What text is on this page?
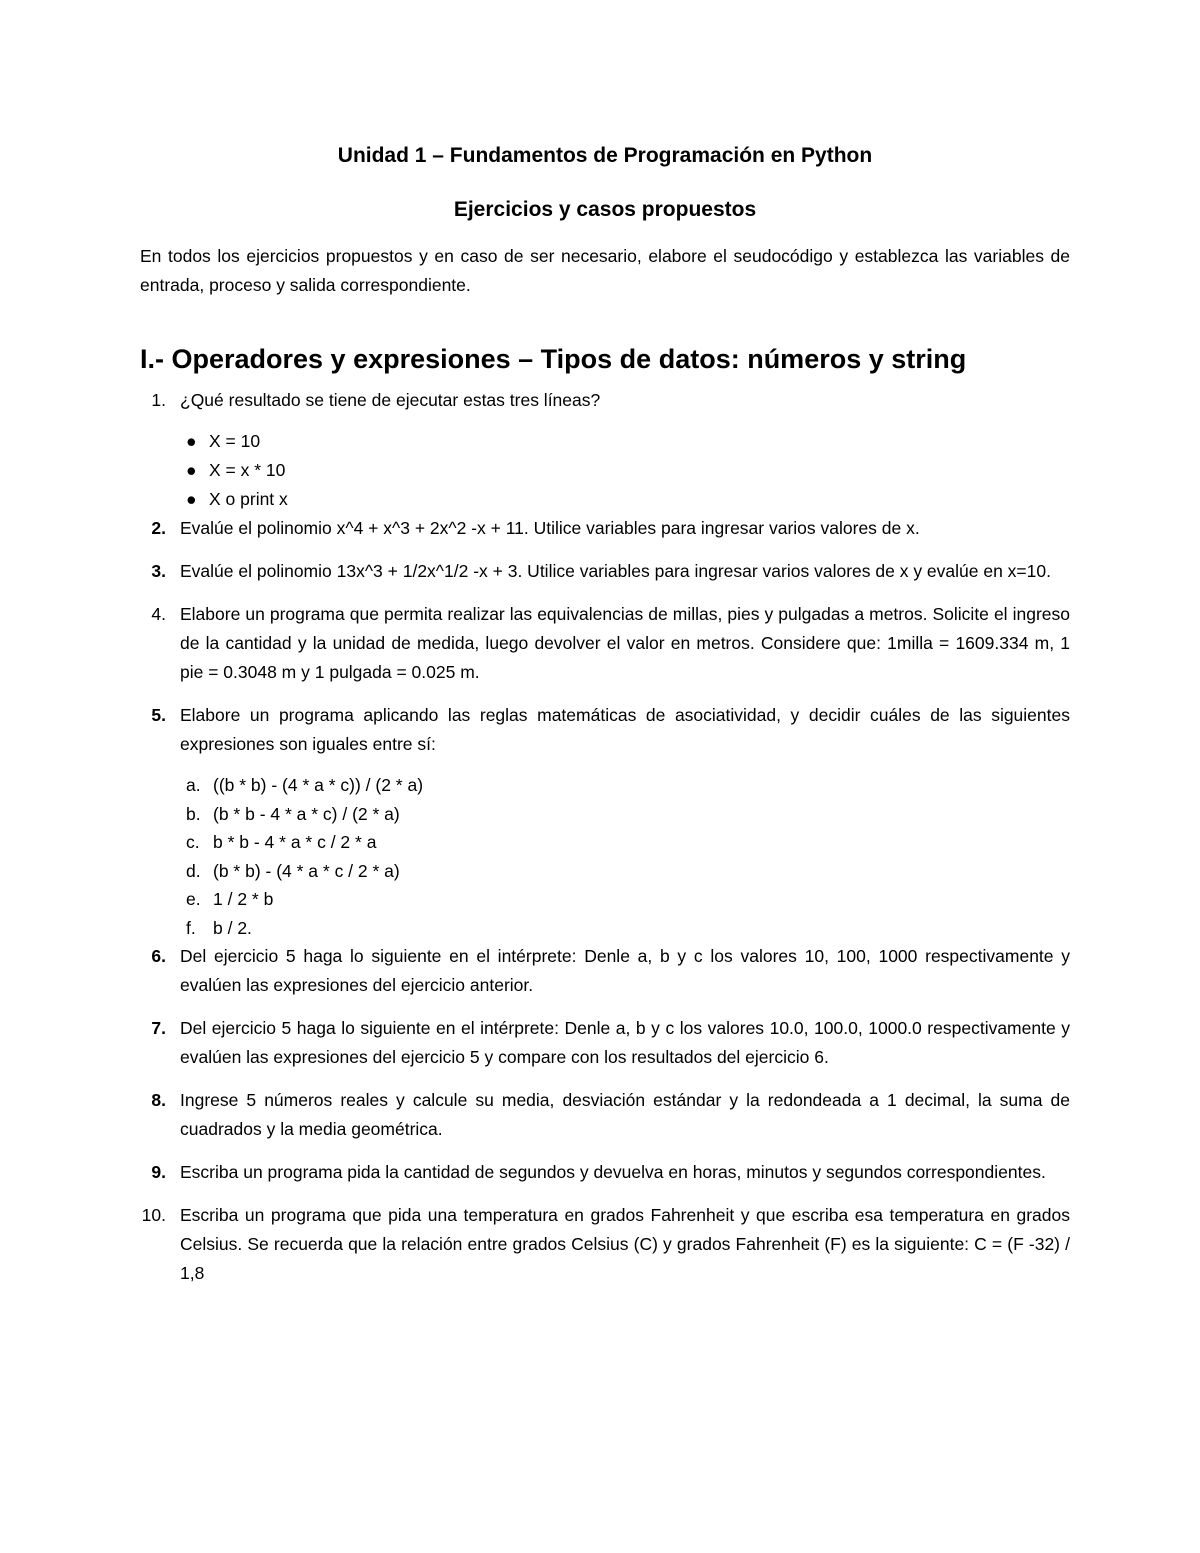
Unidad 1 – Fundamentos de Programación en Python
Ejercicios y casos propuestos

En todos los ejercicios propuestos y en caso de ser necesario, elabore el seudocódigo y establezca las variables de entrada, proceso y salida correspondiente.

I.- Operadores y expresiones – Tipos de datos: números y string
1. ¿Qué resultado se tiene de ejecutar estas tres líneas?
● X = 10
● X = x * 10
● X o print x
2. Evalúe el polinomio x^4 + x^3 + 2x^2 -x + 11. Utilice variables para ingresar varios valores de x.
3. Evalúe el polinomio 13x^3 + 1/2x^1/2 -x + 3. Utilice variables para ingresar varios valores de x y evalúe en x=10.
4. Elabore un programa que permita realizar las equivalencias de millas, pies y pulgadas a metros. Solicite el ingreso de la cantidad y la unidad de medida, luego devolver el valor en metros. Considere que: 1milla = 1609.334 m, 1 pie = 0.3048 m y 1 pulgada = 0.025 m.
5. Elabore un programa aplicando las reglas matemáticas de asociatividad, y decidir cuáles de las siguientes expresiones son iguales entre sí:
a. ((b * b) - (4 * a * c)) / (2 * a)
b. (b * b - 4 * a * c) / (2 * a)
c. b * b - 4 * a * c / 2 * a
d. (b * b) - (4 * a * c / 2 * a)
e. 1 / 2 * b
f. b / 2.
6. Del ejercicio 5 haga lo siguiente en el intérprete: Denle a, b y c los valores 10, 100, 1000 respectivamente y evalúen las expresiones del ejercicio anterior.
7. Del ejercicio 5 haga lo siguiente en el intérprete: Denle a, b y c los valores 10.0, 100.0, 1000.0 respectivamente y evalúen las expresiones del ejercicio 5 y compare con los resultados del ejercicio 6.
8. Ingrese 5 números reales y calcule su media, desviación estándar y la redondeada a 1 decimal, la suma de cuadrados y la media geométrica.
9. Escriba un programa pida la cantidad de segundos y devuelva en horas, minutos y segundos correspondientes.
10. Escriba un programa que pida una temperatura en grados Fahrenheit y que escriba esa temperatura en grados Celsius. Se recuerda que la relación entre grados Celsius (C) y grados Fahrenheit (F) es la siguiente: C = (F -32) / 1,8
